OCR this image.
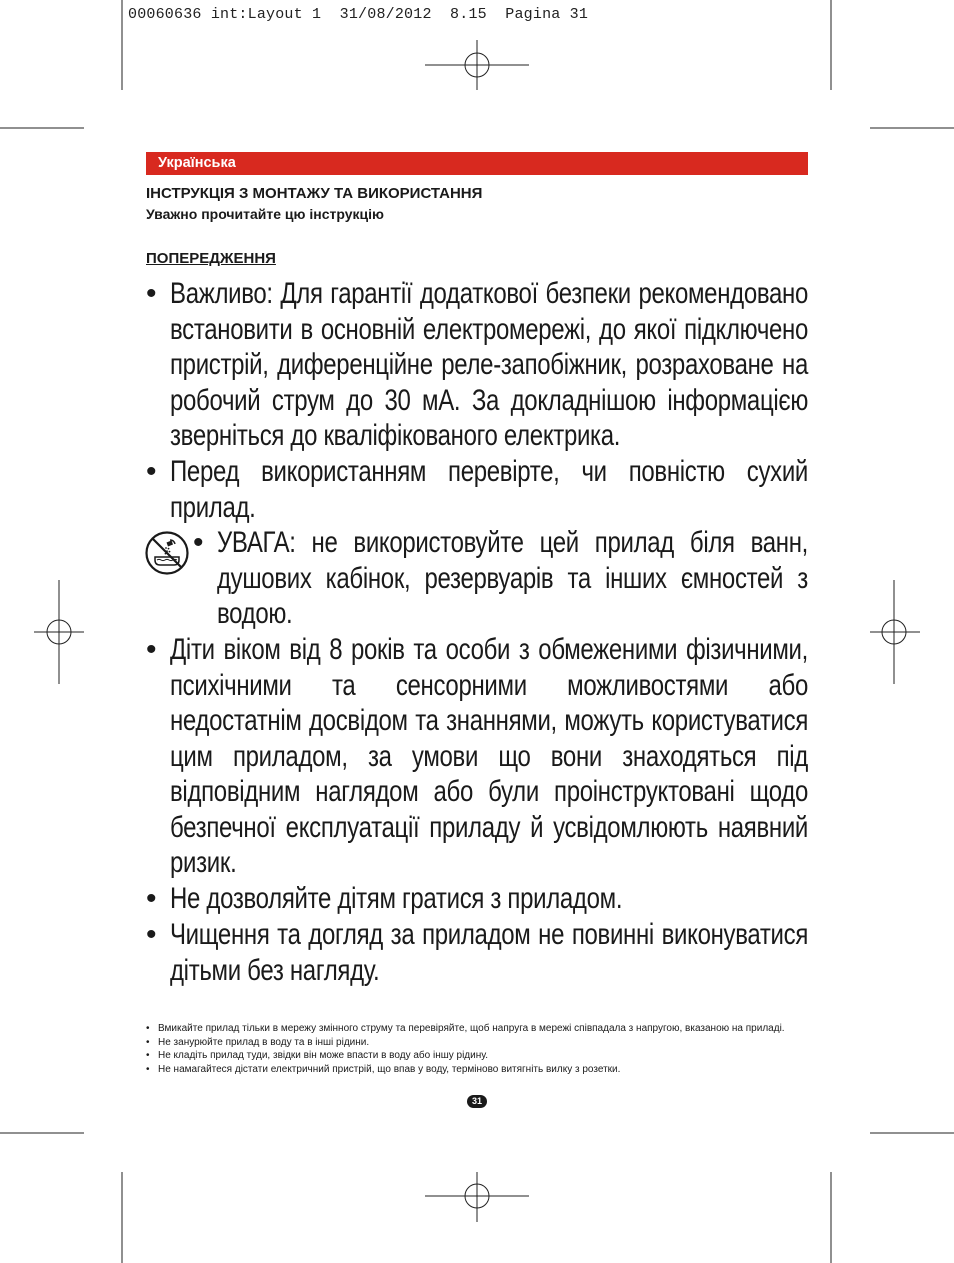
00060636 int:Layout 1  31/08/2012  8.15  Pagina 31
Українська
ІНСТРУКЦІЯ З МОНТАЖУ ТА ВИКОРИСТАННЯ
Уважно прочитайте цю інструкцію
ПОПЕРЕДЖЕННЯ
• Важливо: Для гарантії додаткової безпеки рекомендовано встановити в основній електромережі, до якої підключено пристрій, диференційне реле-запобіжник, розраховане на робочий струм до 30 мА. За докладнішою інформацією зверніться до кваліфікованого електрика.
• Перед використанням перевірте, чи повністю сухий прилад.
• УВАГА: не використовуйте цей прилад біля ванн, душових кабінок, резервуарів та інших ємностей з водою.
• Діти віком від 8 років та особи з обмеженими фізичними, психічними та сенсорними можливостями або недостатнім досвідом та знаннями, можуть користуватися цим приладом, за умови що вони знаходяться під відповідним наглядом або були проінструктовані щодо безпечної експлуатації приладу й усвідомлюють наявний ризик.
• Не дозволяйте дітям гратися з приладом.
• Чищення та догляд за приладом не повинні виконуватися дітьми без нагляду.
• Вмикайте прилад тільки в мережу змінного струму та перевіряйте, щоб напруга в мережі співпадала з напругою, вказаною на приладі.
• Не занурюйте прилад в воду та в інші рідини.
• Не кладіть прилад туди, звідки він може впасти в воду або іншу рідину.
• Не намагайтеся дістати електричний пристрій, що впав у воду, терміново витягніть вилку з розетки.
31
